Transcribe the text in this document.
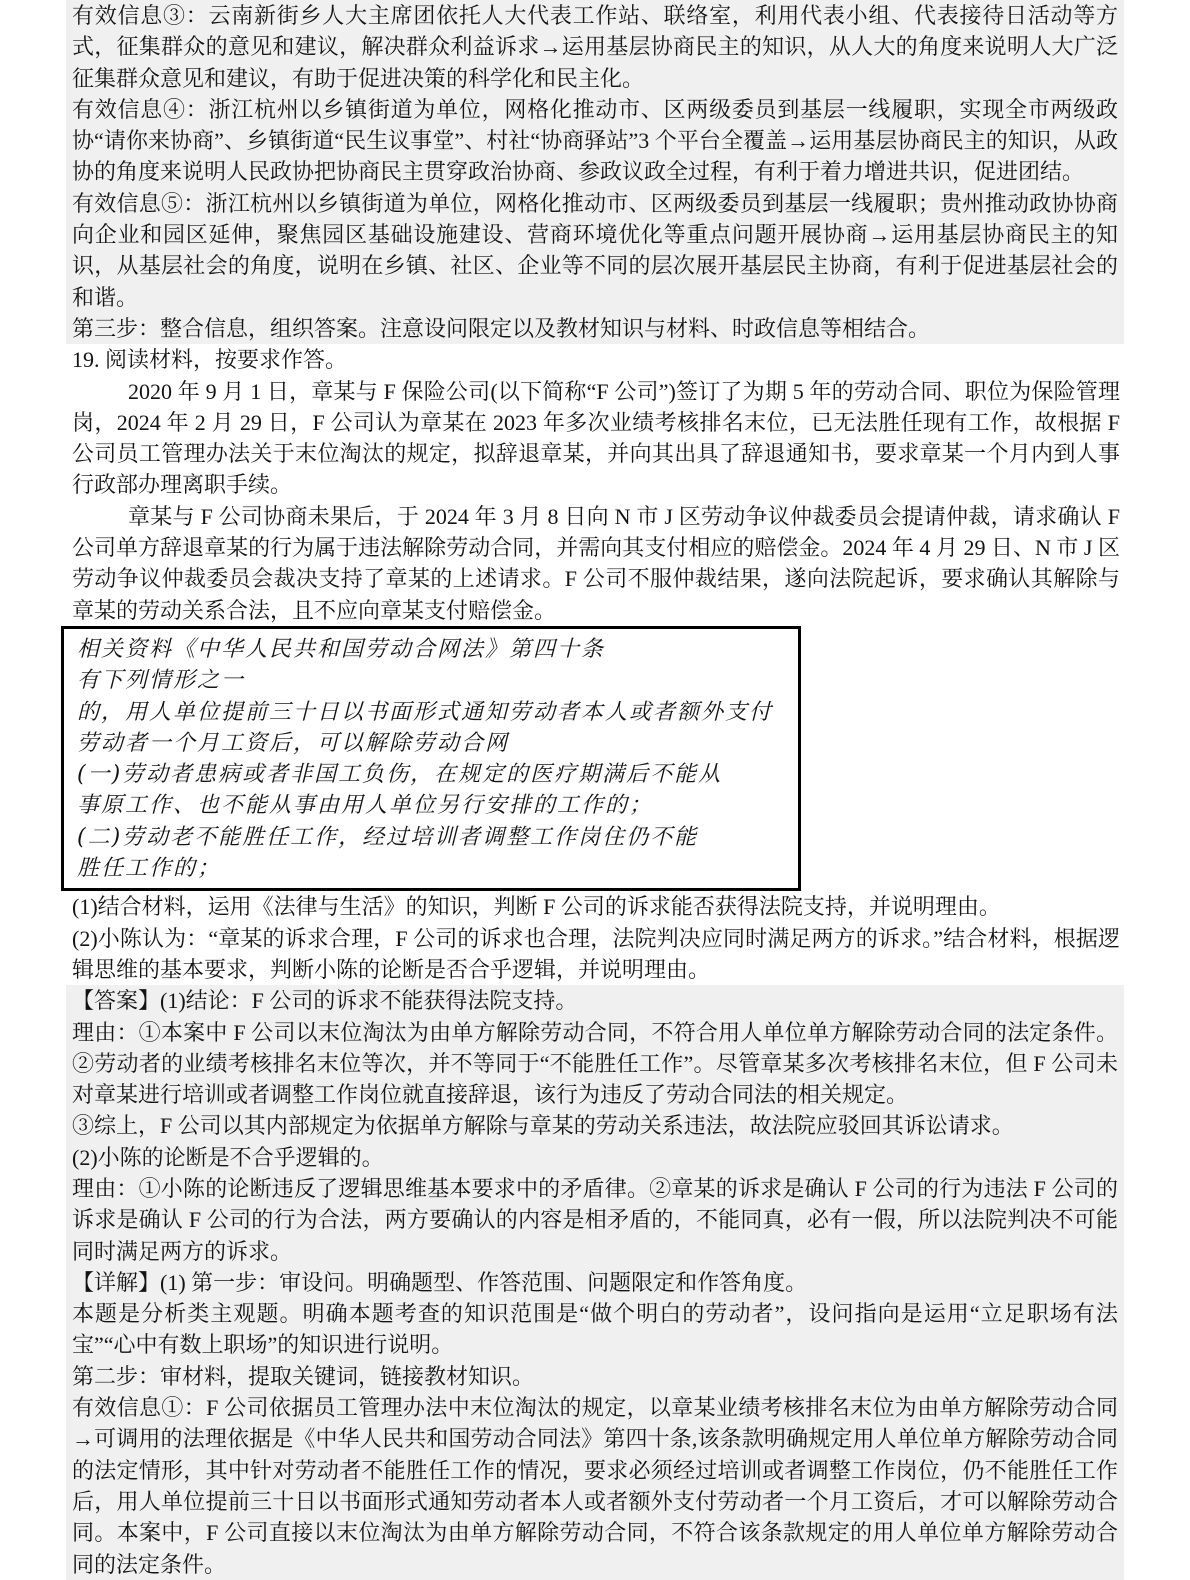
有效信息③：云南新街乡人大主席团依托人大代表工作站、联络室，利用代表小组、代表接待日活动等方式，征集群众的意见和建议，解决群众利益诉求→运用基层协商民主的知识，从人大的角度来说明人大广泛征集群众意见和建议，有助于促进决策的科学化和民主化。

有效信息④：浙江杭州以乡镇街道为单位，网格化推动市、区两级委员到基层一线履职，实现全市两级政协“请你来协商”、乡镇街道“民生议事堂”、村社“协商驿站”3 个平台全覆盖→运用基层协商民主的知识，从政协的角度来说明人民政协把协商民主贯穿政治协商、参政议政全过程，有利于着力增进共识，促进团结。

有效信息⑤：浙江杭州以乡镇街道为单位，网格化推动市、区两级委员到基层一线履职；贵州推动政协协商向企业和园区延伸，聚焦园区基础设施建设、营商环境优化等重点问题开展协商→运用基层协商民主的知识，从基层社会的角度，说明在乡镇、社区、企业等不同的层次展开基层民主协商，有利于促进基层社会的和谐。

第三步：整合信息，组织答案。注意设问限定以及教材知识与材料、时政信息等相结合。

19. 阅读材料，按要求作答。

2020 年 9 月 1 日，章某与 F 保险公司(以下简称“F 公司”)签订了为期 5 年的劳动合同、职位为保险管理岗，2024 年 2 月 29 日，F 公司认为章某在 2023 年多次业绩考核排名末位，已无法胜任现有工作，故根据 F 公司员工管理办法关于末位淘汰的规定，拟辞退章某，并向其出具了辞退通知书，要求章某一个月内到人事行政部办理离职手续。

章某与 F 公司协商未果后，于 2024 年 3 月 8 日向 N 市 J 区劳动争议仲裁委员会提请仲裁，请求确认 F 公司单方辞退章某的行为属于违法解除劳动合同，并需向其支付相应的赔偿金。2024 年 4 月 29 日、N 市 J 区劳动争议仲裁委员会裁决支持了章某的上述请求。F 公司不服仲裁结果，遂向法院起诉，要求确认其解除与章某的劳动关系合法，且不应向章某支付赔偿金。

相关资料《中华人民共和国劳动合网法》第四十条

有下列情形之一

的，用人单位提前三十日以书面形式通知劳动者本人或者额外支付

劳动者一个月工资后，可以解除劳动合网

(一)劳动者患病或者非国工负伤，在规定的医疗期满后不能从

事原工作、也不能从事由用人单位另行安排的工作的；

(二)劳动老不能胜任工作，经过培训者调整工作岗住仍不能

胜任工作的；

(1)结合材料，运用《法律与生活》的知识，判断 F 公司的诉求能否获得法院支持，并说明理由。

(2)小陈认为：“章某的诉求合理，F 公司的诉求也合理，法院判决应同时满足两方的诉求。”结合材料，根据逻辑思维的基本要求，判断小陈的论断是否合乎逻辑，并说明理由。

【答案】(1)结论：F 公司的诉求不能获得法院支持。

理由：①本案中 F 公司以末位淘汰为由单方解除劳动合同，不符合用人单位单方解除劳动合同的法定条件。②劳动者的业绩考核排名末位等次，并不等同于“不能胜任工作”。尽管章某多次考核排名末位，但 F 公司未对章某进行培训或者调整工作岗位就直接辞退，该行为违反了劳动合同法的相关规定。

③综上，F 公司以其内部规定为依据单方解除与章某的劳动关系违法，故法院应驳回其诉讼请求。

(2)小陈的论断是不合乎逻辑的。

理由：①小陈的论断违反了逻辑思维基本要求中的矛盾律。②章某的诉求是确认 F 公司的行为违法 F 公司的诉求是确认 F 公司的行为合法，两方要确认的内容是相矛盾的，不能同真，必有一假，所以法院判决不可能同时满足两方的诉求。

【详解】(1) 第一步：审设问。明确题型、作答范围、问题限定和作答角度。

本题是分析类主观题。明确本题考查的知识范围是“做个明白的劳动者”，设问指向是运用“立足职场有法宝”“心中有数上职场”的知识进行说明。

第二步：审材料，提取关键词，链接教材知识。

有效信息①：F 公司依据员工管理办法中末位淘汰的规定，以章某业绩考核排名末位为由单方解除劳动合同→可调用的法理依据是《中华人民共和国劳动合同法》第四十条,该条款明确规定用人单位单方解除劳动合同的法定情形，其中针对劳动者不能胜任工作的情况，要求必须经过培训或者调整工作岗位，仍不能胜任工作后，用人单位提前三十日以书面形式通知劳动者本人或者额外支付劳动者一个月工资后，才可以解除劳动合同。本案中，F 公司直接以末位淘汰为由单方解除劳动合同，不符合该条款规定的用人单位单方解除劳动合同的法定条件。
